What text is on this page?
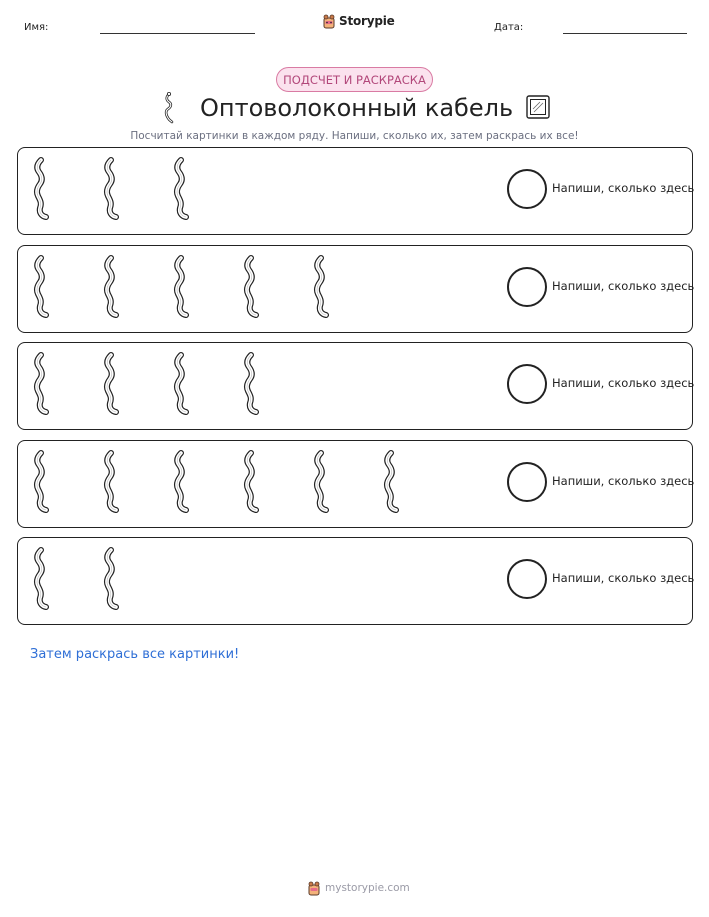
Имя:	Storypie	Дата:
ПОДСЧЕТ И РАСКРАСКА
Оптоволоконный кабель
Посчитай картинки в каждом ряду. Напиши, сколько их, затем раскрась их все!
Напиши, сколько здесь
Напиши, сколько здесь
Напиши, сколько здесь
Напиши, сколько здесь
Напиши, сколько здесь
Затем раскрась все картинки!
mystorypie.com
